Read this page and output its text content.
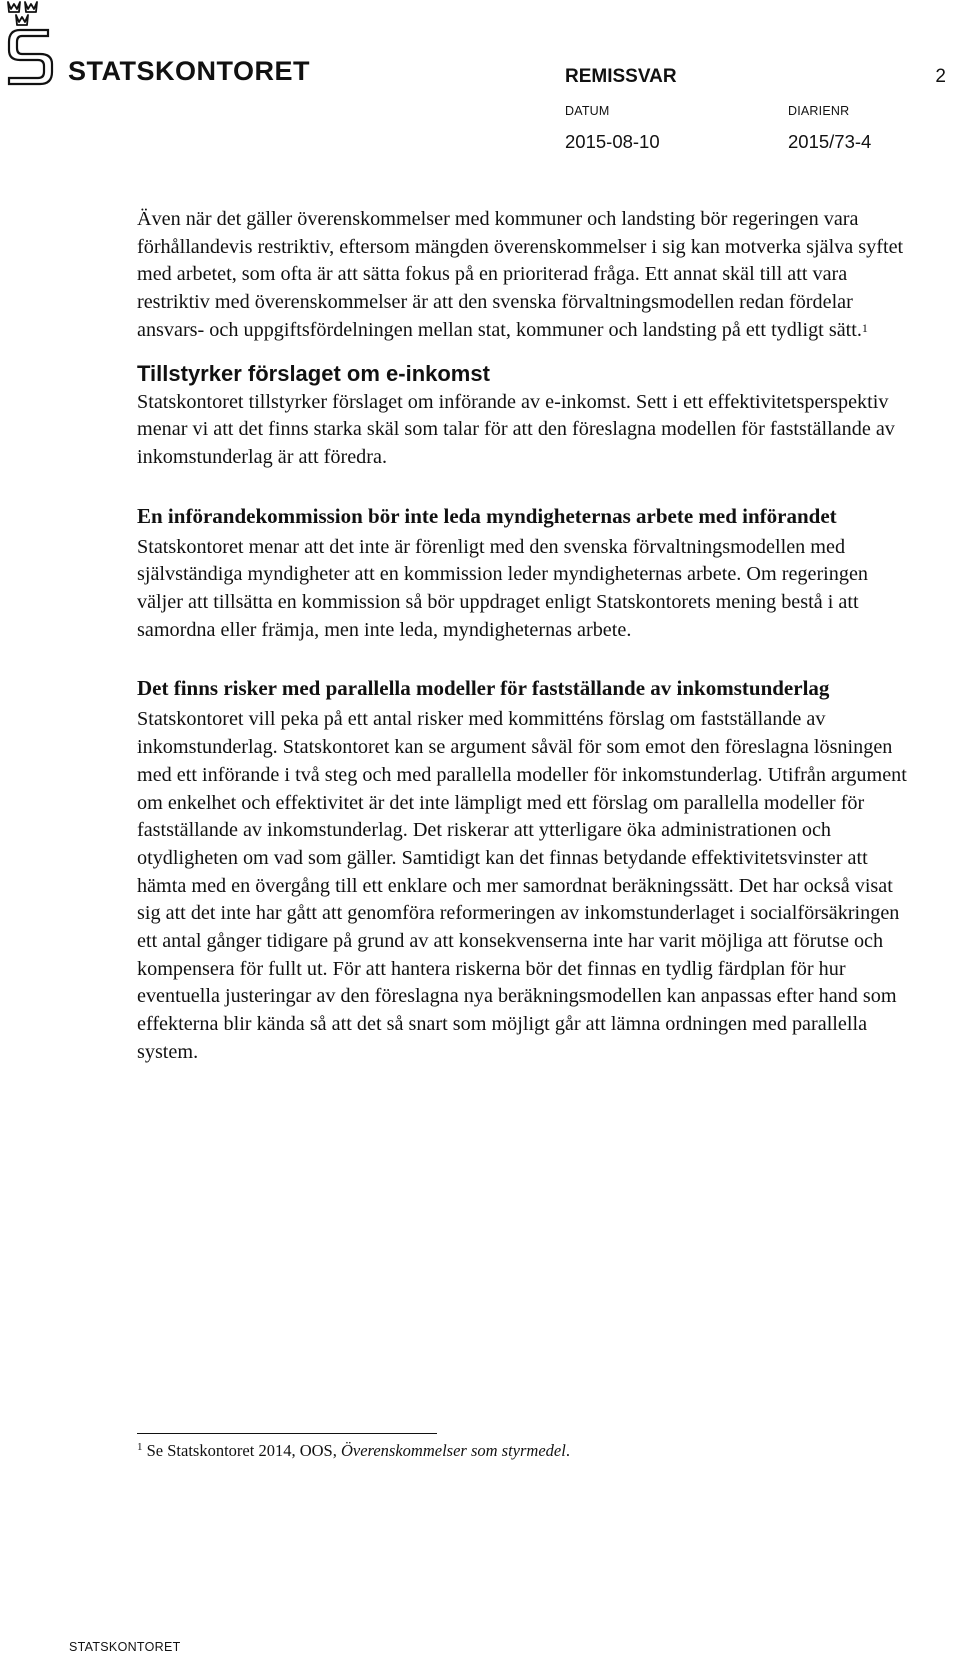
STATSKONTORET	REMISSVAR	2
DATUM	DIARIENR
2015-08-10	2015/73-4

Även när det gäller överenskommelser med kommuner och landsting bör regeringen vara förhållandevis restriktiv, eftersom mängden överenskommelser i sig kan motverka själva syftet med arbetet, som ofta är att sätta fokus på en prioriterad fråga. Ett annat skäl till att vara restriktiv med överenskommelser är att den svenska förvaltningsmodellen redan fördelar ansvars- och uppgiftsfördelningen mellan stat, kommuner och landsting på ett tydligt sätt.$^1$

Tillstyrker förslaget om e-inkomst

Statskontoret tillstyrker förslaget om införande av e-inkomst. Sett i ett effektivitetsperspektiv menar vi att det finns starka skäl som talar för att den föreslagna modellen för fastställande av inkomstunderlag är att föredra.

En införandekommission bör inte leda myndigheternas arbete med införandet

Statskontoret menar att det inte är förenligt med den svenska förvaltningsmodellen med självständiga myndigheter att en kommission leder myndigheternas arbete. Om regeringen väljer att tillsätta en kommission så bör uppdraget enligt Statskontorets mening bestå i att samordna eller främja, men inte leda, myndigheternas arbete.

Det finns risker med parallella modeller för fastställande av inkomstunderlag

Statskontoret vill peka på ett antal risker med kommitténs förslag om fastställande av inkomstunderlag. Statskontoret kan se argument såväl för som emot den föreslagna lösningen med ett införande i två steg och med parallella modeller för inkomstunderlag. Utifrån argument om enkelhet och effektivitet är det inte lämpligt med ett förslag om parallella modeller för fastställande av inkomstunderlag. Det riskerar att ytterligare öka administrationen och otydligheten om vad som gäller. Samtidigt kan det finnas betydande effektivitetsvinster att hämta med en övergång till ett enklare och mer samordnat beräkningssätt. Det har också visat sig att det inte har gått att genomföra reformeringen av inkomstunderlaget i socialförsäkringen ett antal gånger tidigare på grund av att konsekvenserna inte har varit möjliga att förutse och kompensera för fullt ut. För att hantera riskerna bör det finnas en tydlig färdplan för hur eventuella justeringar av den föreslagna nya beräkningsmodellen kan anpassas efter hand som effekterna blir kända så att det så snart som möjligt går att lämna ordningen med parallella system.

$^1$ Se Statskontoret 2014, OOS, Överenskommelser som styrmedel.
STATSKONTORET
